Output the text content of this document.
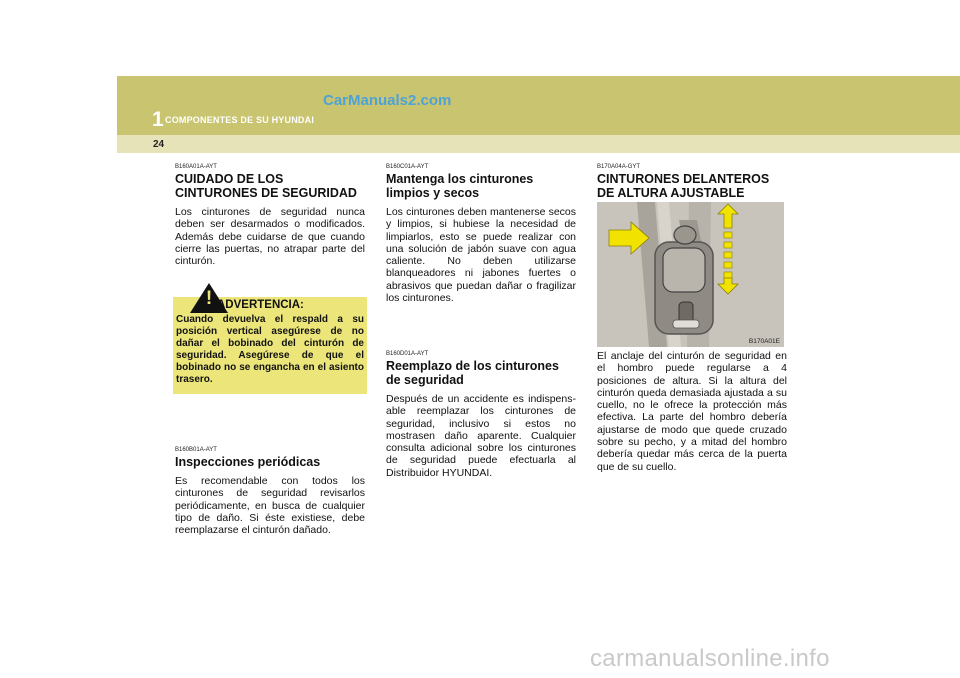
1 COMPONENTES DE SU HYUNDAI
CarManuals2.com
24

B160A01A-AYT

CUIDADO DE LOS CINTURONES DE SEGURIDAD

Los cinturones de seguridad nunca deben ser desarmados o modificados. Además debe cuidarse de que cuando cierre las puertas, no atrapar parte del cinturón.

! ADVERTENCIA:
Cuando devuelva el respald a su posición vertical asegúrese de no dañar el bobinado del cinturón de seguridad. Asegúrese de que el bobinado no se engancha en el asiento trasero.

B160B01A-AYT

Inspecciones periódicas

Es recomendable con todos los cinturones de seguridad revisarlos periódicamente, en busca de cualquier tipo de daño. Si éste existiese, debe reemplazarse el cinturón dañado.

B160C01A-AYT

Mantenga los cinturones limpios y secos

Los cinturones deben mantenerse secos y limpios, si hubiese la necesidad de limpiarlos, esto se puede realizar con una solución de jabón suave con agua caliente. No deben utilizarse blanqueadores ni jabones fuertes o abrasivos que puedan dañar o fragilizar los cinturones.

B160D01A-AYT

Reemplazo de los cinturones de seguridad

Después de un accidente es indispens-able reemplazar los cinturones de seguridad, inclusivo si estos no mostrasen daño aparente. Cualquier consulta adicional sobre los cinturones de seguridad puede efectuarla al Distribuidor HYUNDAI.

B170A04A-GYT

CINTURONES DELANTEROS DE ALTURA AJUSTABLE

B170A01E

El anclaje del cinturón de seguridad en el hombro puede regularse a 4 posiciones de altura. Si la altura del cinturón queda demasiada ajustada a su cuello, no le ofrece la protección más efectiva. La parte del hombro debería ajustarse de modo que quede cruzado sobre su pecho, y a mitad del hombro debería quedar más cerca de la puerta que de su cuello.

carmanualsonline.info
